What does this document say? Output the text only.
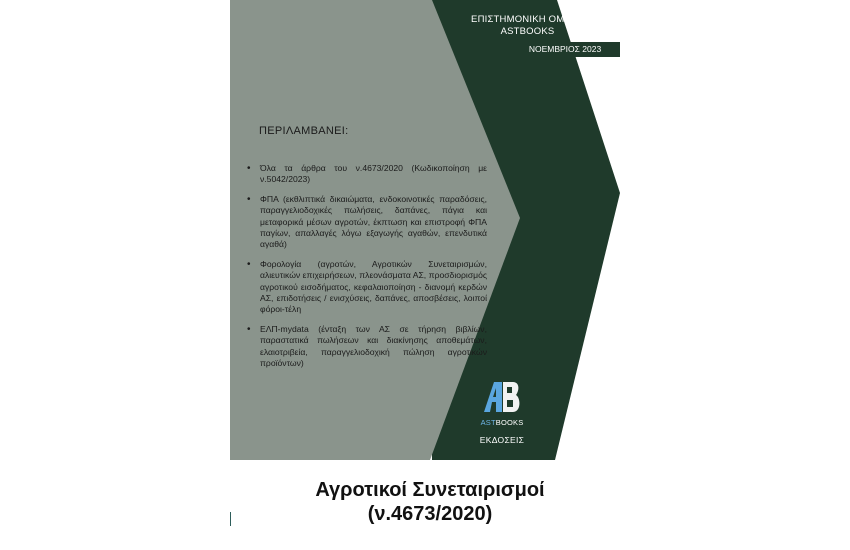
ΕΠΙΣΤΗΜΟΝΙΚΗ ΟΜΑΔΑ
ASTBOOKS
ΝΟΕΜΒΡΙΟΣ 2023
ΠΕΡΙΛΑΜΒΑΝΕΙ:
• Όλα τα άρθρα του ν.4673/2020 (Κωδικοποίηση με ν.5042/2023)
• ΦΠΑ (εκθλιπτικά δικαιώματα, ενδοκοινοτικές παραδόσεις, παραγγελιοδοχικές πωλήσεις, δαπάνες, πάγια και μεταφορικά μέσων αγροτών, έκπτωση και επιστροφή ΦΠΑ παγίων, απαλλαγές λόγω εξαγωγής αγαθών, επενδυτικά αγαθά)
• Φορολογία (αγροτών, Αγροτικών Συνεταιρισμών, αλιευτικών επιχειρήσεων, πλεονάσματα ΑΣ, προσδιορισμός αγροτικού εισοδήματος, κεφαλαιοποίηση - διανομή κερδών ΑΣ, επιδοτήσεις / ενισχύσεις, δαπάνες, αποσβέσεις, λοιποί φόροι-τέλη
• ΕΛΠ-mydata (ένταξη των ΑΣ σε τήρηση βιβλίων, παραστατικά πωλήσεων και διακίνησης αποθεμάτων, ελαιοτριβεία, παραγγελιοδοχική πώληση αγροτικών προϊόντων)
ASTBOOKS
ΕΚΔΟΣΕΙΣ
Αγροτικοί Συνεταιρισμοί
(ν.4673/2020)
